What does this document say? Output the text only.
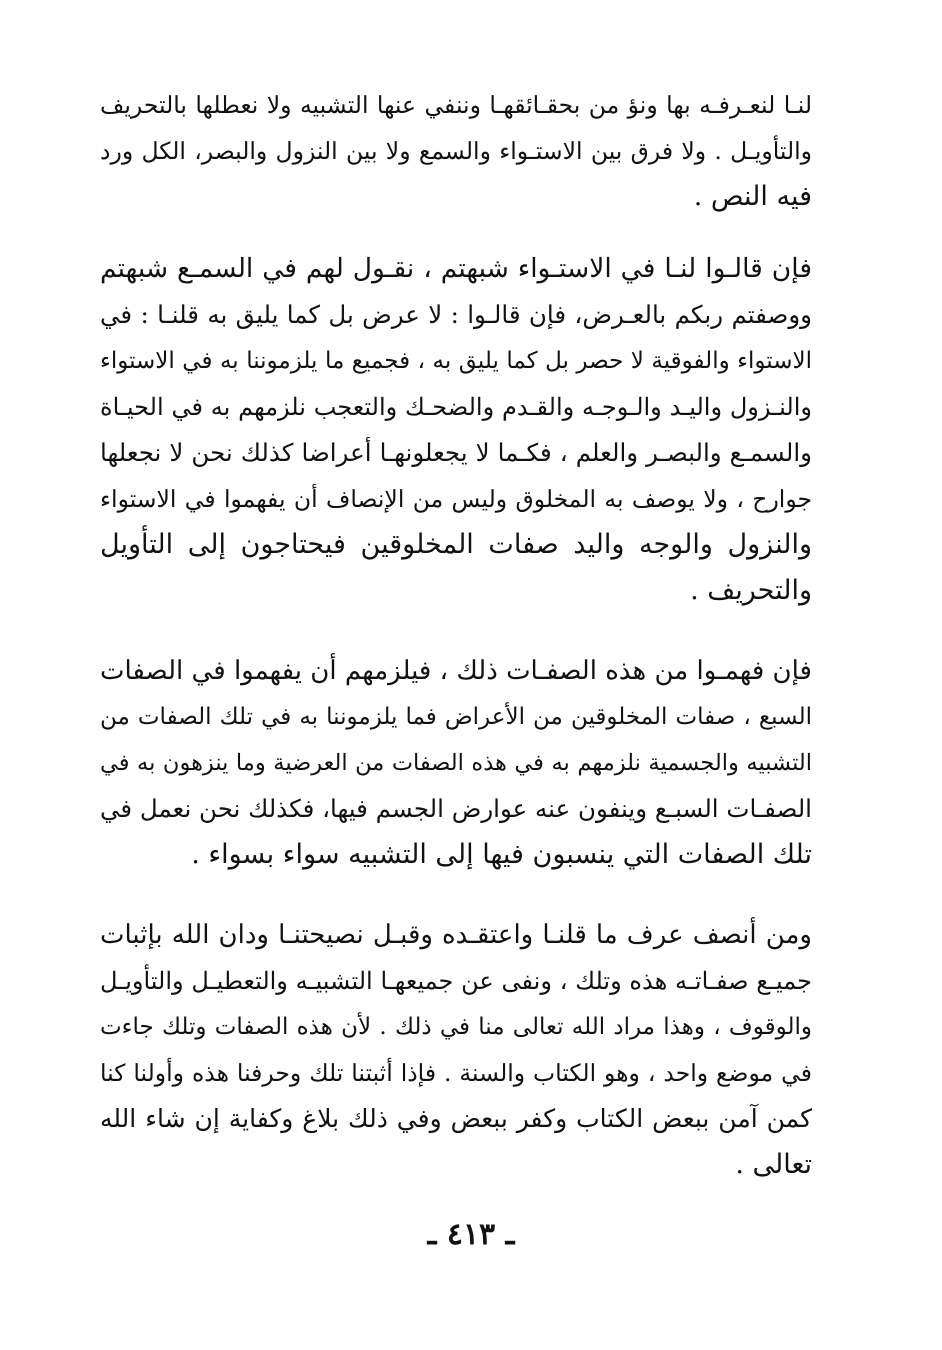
لنـا لنعـرفـه بها ونؤ من بحقـائقهـا وننفي عنها التشبيه ولا نعطلها بالتحريف
والتأويـل . ولا فرق بين الاستـواء والسمع ولا بين النزول والبصر، الكل ورد
فيه النص .
فإن قالـوا لنـا في الاستـواء شبهتم ، نقـول لهم في السمـع شبهتم
ووصفتم ربكم بالعـرض، فإن قالـوا : لا عرض بل كما يليق به قلنـا : في
الاستواء والفوقية لا حصر بل كما يليق به ، فجميع ما يلزموننا به في الاستواء
والنـزول واليـد والـوجـه والقـدم والضحـك والتعجب نلزمهم به في الحيـاة
والسمـع والبصـر والعلم ، فكـما لا يجعلونهـا أعراضا كذلك نحن لا نجعلها
جوارح ، ولا يوصف به المخلوق وليس من الإنصاف أن يفهموا في الاستواء
والنزول والوجه واليد صفات المخلوقين فيحتاجون إلى التأويل
والتحريف .
فإن فهمـوا من هذه الصفـات ذلك ، فيلزمهم أن يفهموا في الصفات
السبع ، صفات المخلوقين من الأعراض فما يلزموننا به في تلك الصفات من
التشبيه والجسمية نلزمهم به في هذه الصفات من العرضية وما ينزهون به في
الصفـات السبـع وينفون عنه عوارض الجسم فيها، فكذلك نحن نعمل في
تلك الصفات التي ينسبون فيها إلى التشبيه سواء بسواء .
ومن أنصف عرف ما قلنـا واعتقـده وقبـل نصيحتنـا ودان الله بإثبات
جميـع صفـاتـه هذه وتلك ، ونفى عن جميعهـا التشبيـه والتعطيـل والتأويـل
والوقوف ، وهذا مراد الله تعالى منا في ذلك . لأن هذه الصفات وتلك جاءت
في موضع واحد ، وهو الكتاب والسنة . فإذا أثبتنا تلك وحرفنا هذه وأولنا كنا
كمن آمن ببعض الكتاب وكفر ببعض وفي ذلك بلاغ وكفاية إن شاء الله
تعالى .
ـ ٤١٣ ـ
